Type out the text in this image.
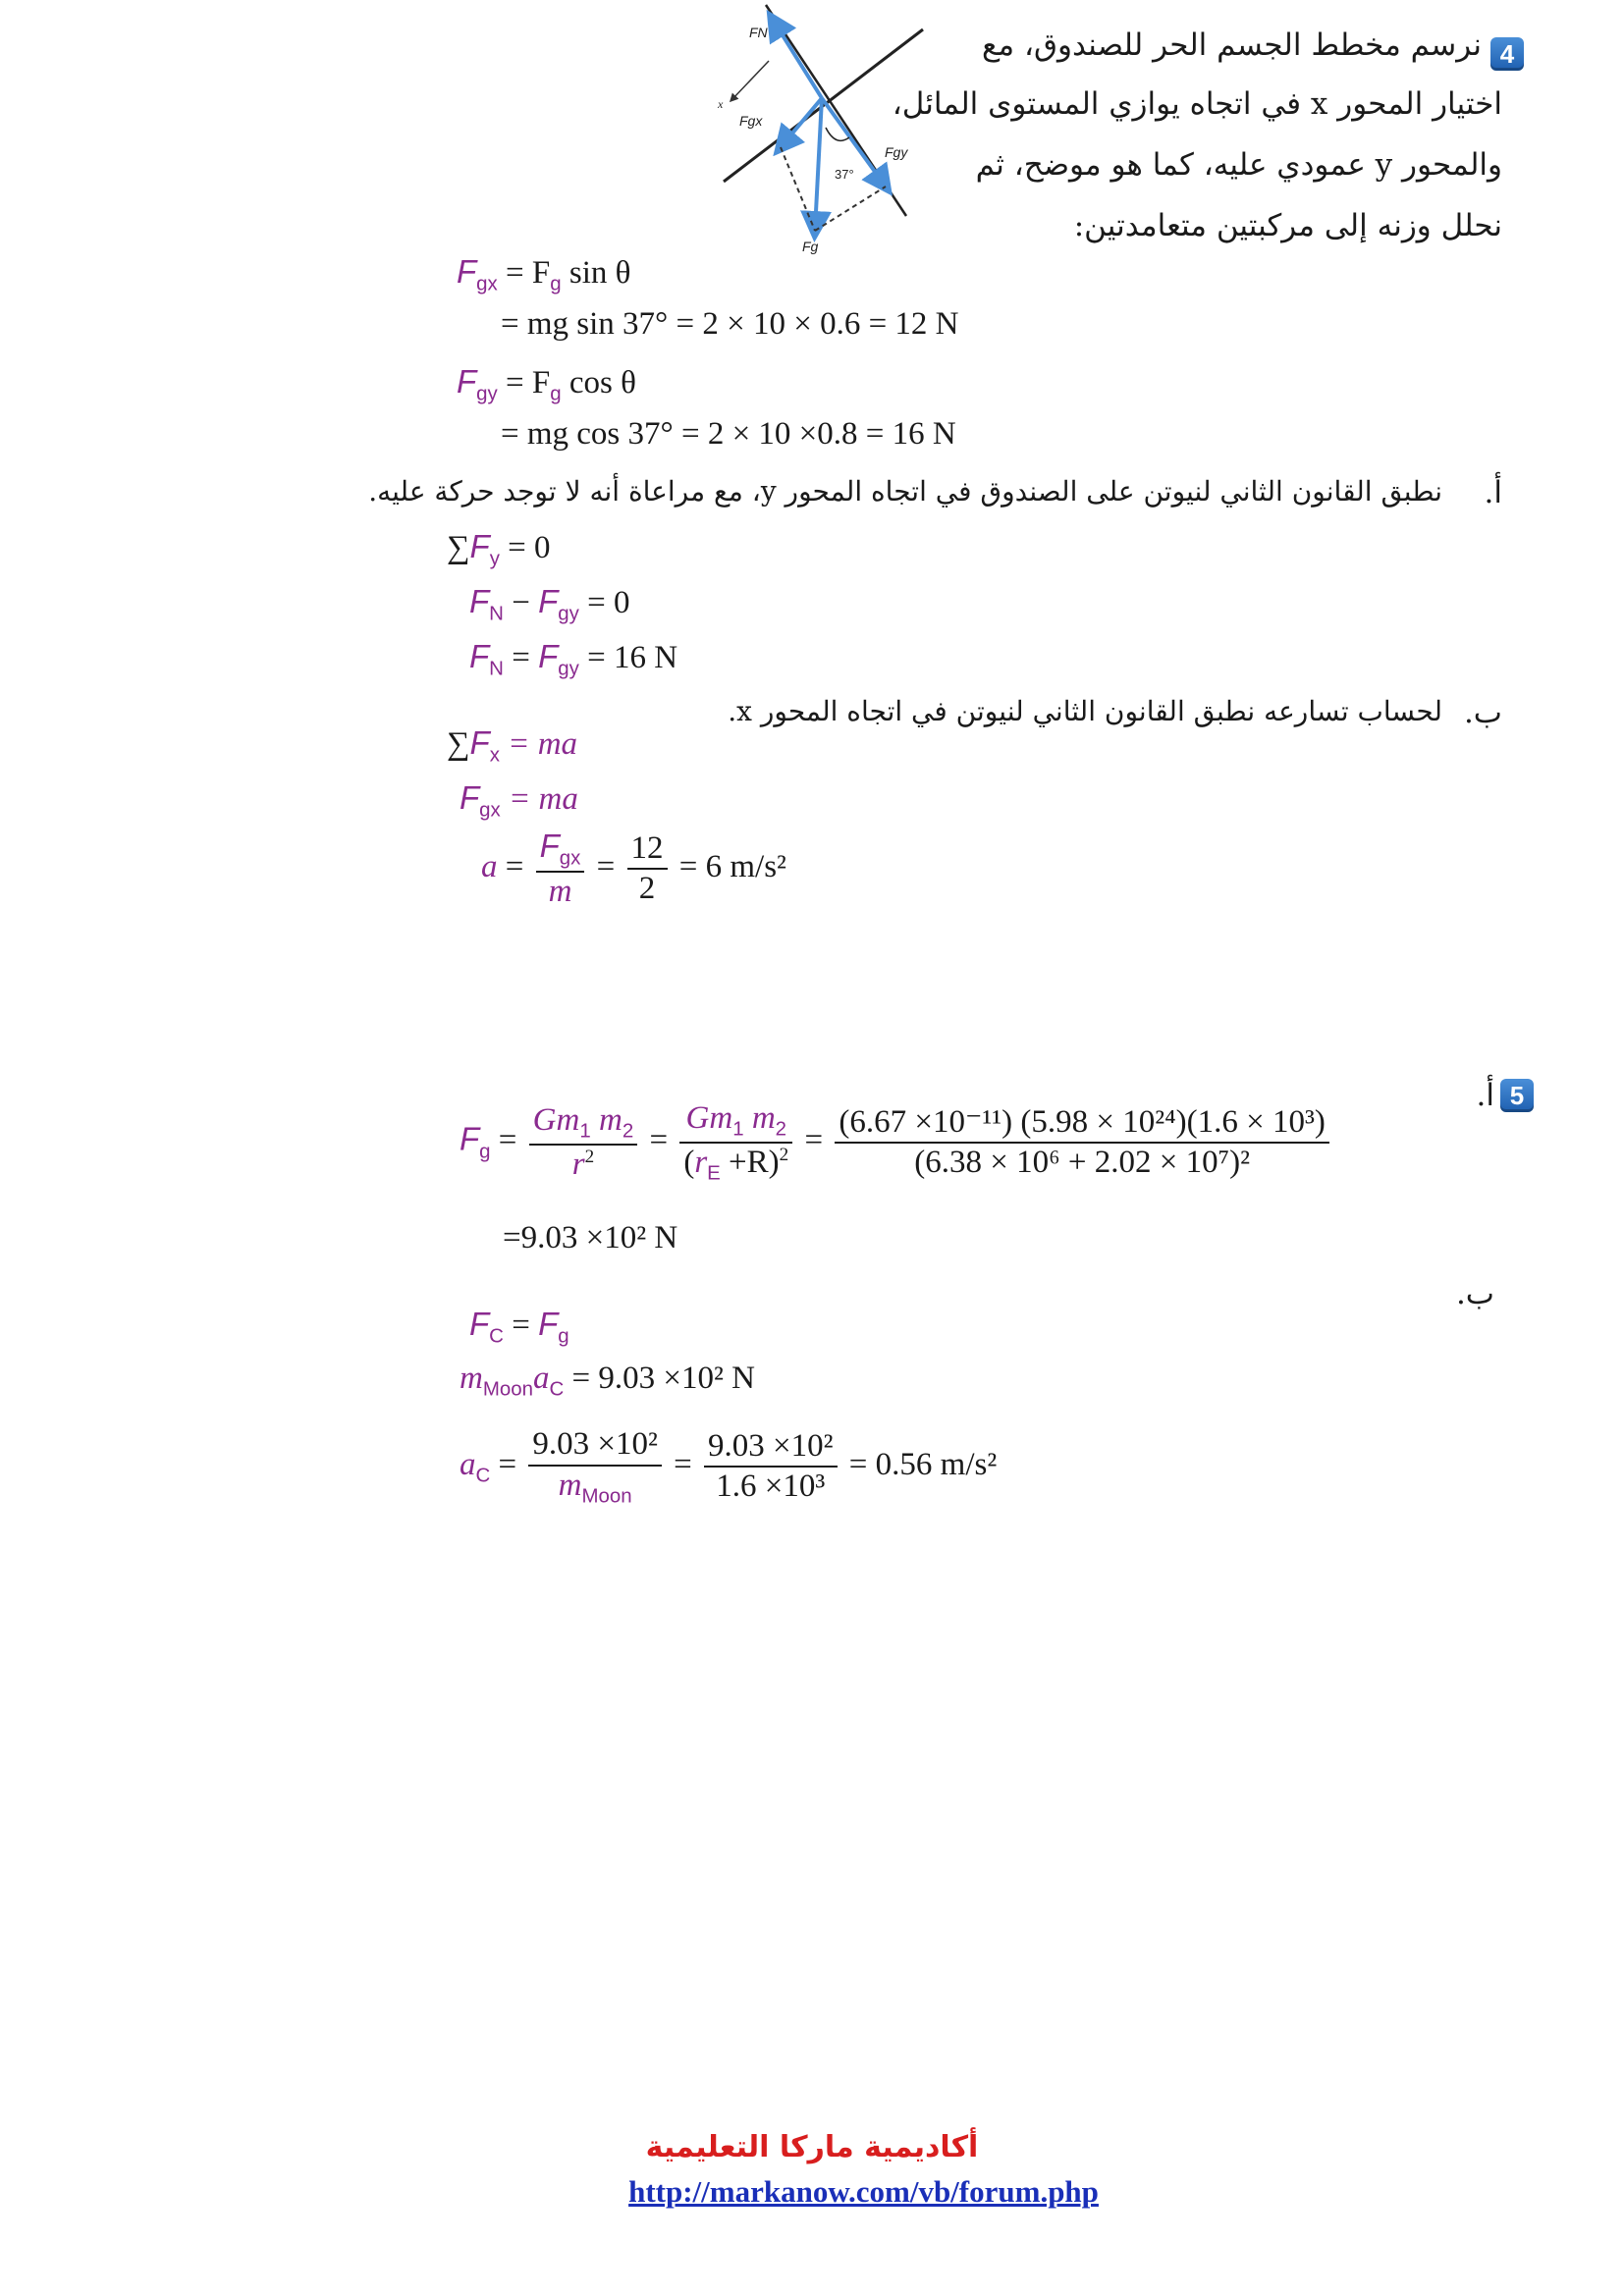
4
نرسم مخطط الجسم الحر للصندوق، مع
اختيار المحور x في اتجاه يوازي المستوى المائل،
والمحور y عمودي عليه، كما هو موضح، ثم
نحلل وزنه إلى مركبتين متعامدتين:
FN
Fgx
Fgy
Fg
37°
x
$F_{gx} = F_g$ sin θ
= mg sin 37° = 2 × 10 × 0.6 = 12 N
$F_{gy} = F_g$ cos θ
= mg cos 37° = 2 × 10 ×0.8 = 16 N
أ.
نطبق القانون الثاني لنيوتن على الصندوق في اتجاه المحور y، مع مراعاة أنه لا توجد حركة عليه.
$\sum F_y = 0$
$F_N - F_{gy} = 0$
$F_N = F_{gy} = 16$ N
ب.
لحساب تسارعه نطبق القانون الثاني لنيوتن في اتجاه المحور x.
$\sum F_x$ = ma
$F_{gx}$ = ma
$a = \frac{F_{gx}}{m} = \frac{12}{2} = 6$ m/s²
أ. 5
$F_g = \frac{Gm_1 m_2}{r^2} = \frac{Gm_1 m_2}{(r_E +R)^2} = \frac{\text{(6.67 ×10⁻¹¹) (5.98 × 10²⁴)(1.6 × 10³)}}{\text{(6.38 × 10⁶ + 2.02 × 10⁷)²}}$
=9.03 ×10² N
ب.
$F_C = F_g$
$m_{Moon}a_C = 9.03 \times 10^2$ N
$a_C = \frac{\text{9.03 ×10²}}{m_{Moon}} = \frac{\text{9.03 ×10²}}{\text{1.6 ×10³}} = 0.56$ m/s²
أكاديمية ماركا التعليمية
http://markanow.com/vb/forum.php
